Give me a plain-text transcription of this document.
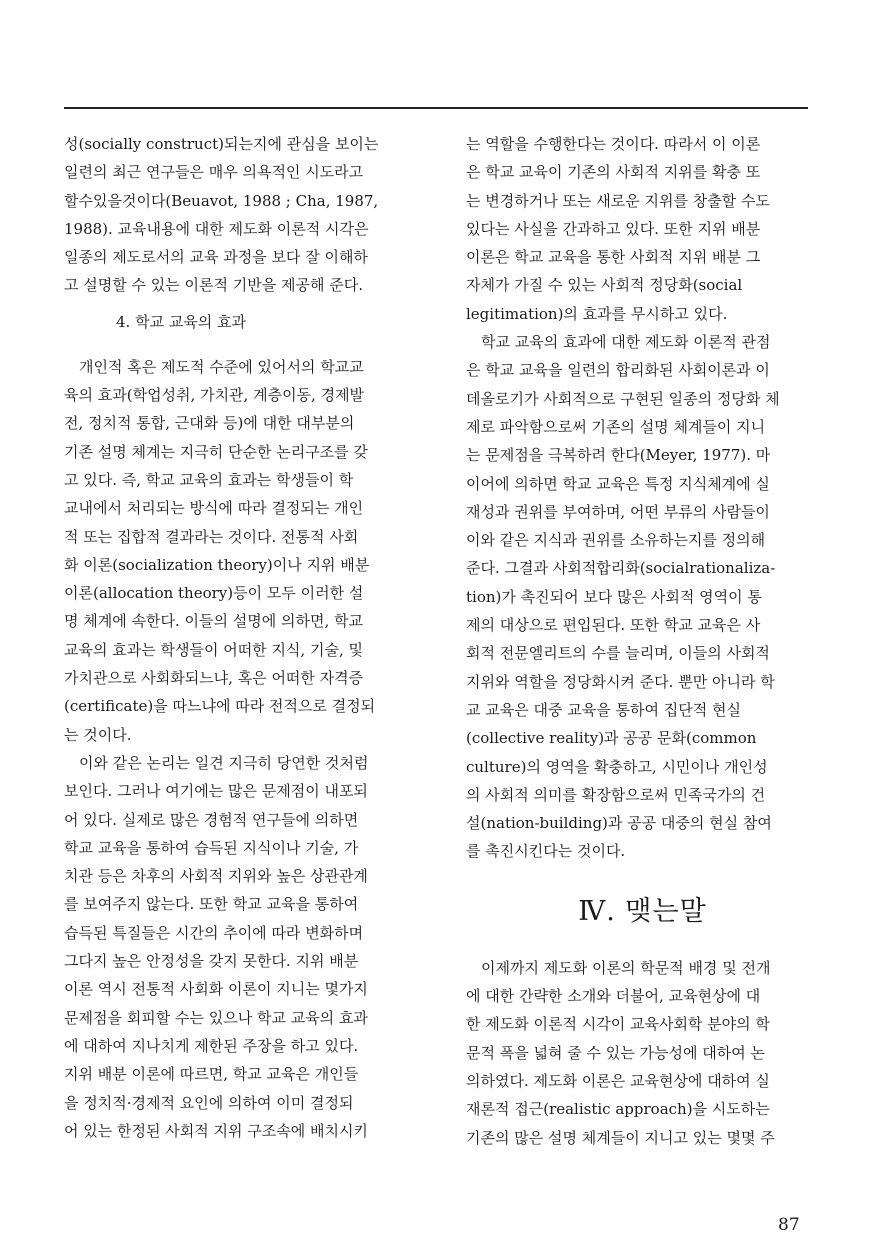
성(socially construct)되는지에 관심을 보이는
일련의 최근 연구들은 매우 의욕적인 시도라고
할수있을것이다(Beuavot, 1988 ; Cha, 1987,
1988). 교육내용에 대한 제도화 이론적 시각은
일종의 제도로서의 교육 과정을 보다 잘 이해하
고 설명할 수 있는 이론적 기반을 제공해 준다.
4. 학교 교육의 효과
개인적 혹은 제도적 수준에 있어서의 학교교
육의 효과(학업성취, 가치관, 계층이동, 경제발
전, 정치적 통합, 근대화 등)에 대한 대부분의
기존 설명 체계는 지극히 단순한 논리구조를 갖
고 있다. 즉, 학교 교육의 효과는 학생들이 학
교내에서 처리되는 방식에 따라 결정되는 개인
적 또는 집합적 결과라는 것이다. 전통적 사회
화 이론(socialization theory)이나 지위 배분
이론(allocation theory)등이 모두 이러한 설
명 체계에 속한다. 이들의 설명에 의하면, 학교
교육의 효과는 학생들이 어떠한 지식, 기술, 및
가치관으로 사회화되느냐, 혹은 어떠한 자격증
(certificate)을 따느냐에 따라 전적으로 결정되
는 것이다.
이와 같은 논리는 일견 지극히 당연한 것처럼
보인다. 그러나 여기에는 많은 문제점이 내포되
어 있다. 실제로 많은 경험적 연구들에 의하면
학교 교육을 통하여 습득된 지식이나 기술, 가
치관 등은 차후의 사회적 지위와 높은 상관관계
를 보여주지 않는다. 또한 학교 교육을 통하여
습득된 특질들은 시간의 추이에 따라 변화하며
그다지 높은 안정성을 갖지 못한다. 지위 배분
이론 역시 전통적 사회화 이론이 지니는 몇가지
문제점을 회피할 수는 있으나 학교 교육의 효과
에 대하여 지나치게 제한된 주장을 하고 있다.
지위 배분 이론에 따르면, 학교 교육은 개인들
을 정치적·경제적 요인에 의하여 이미 결정되
어 있는 한정된 사회적 지위 구조속에 배치시키
는 역할을 수행한다는 것이다. 따라서 이 이론
은 학교 교육이 기존의 사회적 지위를 확충 또
는 변경하거나 또는 새로운 지위를 창출할 수도
있다는 사실을 간과하고 있다. 또한 지위 배분
이론은 학교 교육을 통한 사회적 지위 배분 그
자체가 가질 수 있는 사회적 정당화(social
legitimation)의 효과를 무시하고 있다.
학교 교육의 효과에 대한 제도화 이론적 관점
은 학교 교육을 일련의 합리화된 사회이론과 이
데올로기가 사회적으로 구현된 일종의 정당화 체
제로 파악함으로써 기존의 설명 체계들이 지니
는 문제점을 극복하려 한다(Meyer, 1977). 마
이어에 의하면 학교 교육은 특정 지식체계에 실
재성과 권위를 부여하며, 어떤 부류의 사람들이
이와 같은 지식과 권위를 소유하는지를 정의해
준다. 그결과 사회적합리화(socialrationaliza-
tion)가 촉진되어 보다 많은 사회적 영역이 통
제의 대상으로 편입된다. 또한 학교 교육은 사
회적 전문엘리트의 수를 늘리며, 이들의 사회적
지위와 역할을 정당화시켜 준다. 뿐만 아니라 학
교 교육은 대중 교육을 통하여 집단적 현실
(collective reality)과 공공 문화(common
culture)의 영역을 확충하고, 시민이나 개인성
의 사회적 의미를 확장함으로써 민족국가의 건
설(nation-building)과 공공 대중의 현실 참여
를 촉진시킨다는 것이다.
Ⅳ. 맺는말
이제까지 제도화 이론의 학문적 배경 및 전개
에 대한 간략한 소개와 더불어, 교육현상에 대
한 제도화 이론적 시각이 교육사회학 분야의 학
문적 폭을 넓혀 줄 수 있는 가능성에 대하여 논
의하였다. 제도화 이론은 교육현상에 대하여 실
재론적 접근(realistic approach)을 시도하는
기존의 많은 설명 체계들이 지니고 있는 몇몇 주
87
